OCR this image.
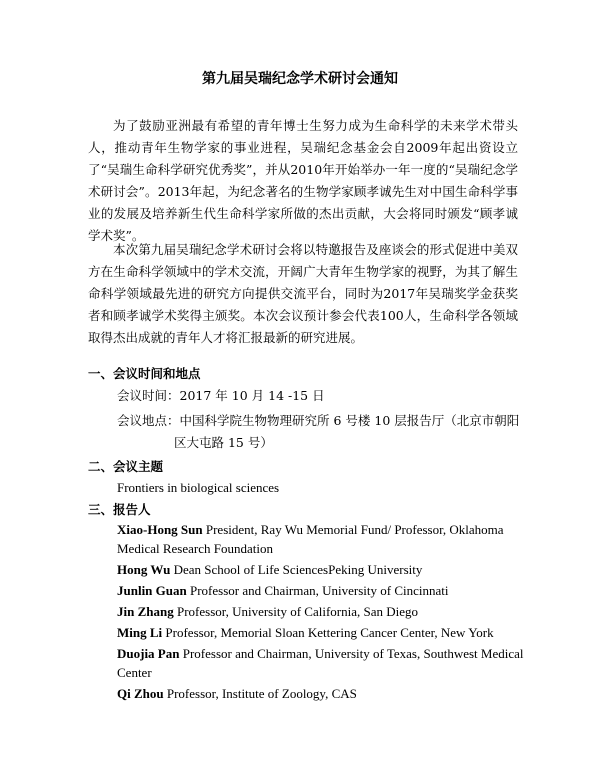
第九届吴瑞纪念学术研讨会通知

为了鼓励亚洲最有希望的青年博士生努力成为生命科学的未来学术带头人，推动青年生物学家的事业进程，吴瑞纪念基金会自2009年起出资设立了“吴瑞生命科学研究优秀奖”，并从2010年开始举办一年一度的“吴瑞纪念学术研讨会”。2013年起，为纪念著名的生物学家顾孝诚先生对中国生命科学事业的发展及培养新生代生命科学家所做的杰出贡献，大会将同时颁发“顾孝诚学术奖”。

本次第九届吴瑞纪念学术研讨会将以特邀报告及座谈会的形式促进中美双方在生命科学领域中的学术交流，开阔广大青年生物学家的视野，为其了解生命科学领域最先进的研究方向提供交流平台，同时为2017年吴瑞奖学金获奖者和顾孝诚学术奖得主颁奖。本次会议预计参会代表100人，生命科学各领域取得杰出成就的青年人才将汇报最新的研究进展。

一、会议时间和地点
会议时间：2017 年 10 月 14 -15 日
会议地点： 中国科学院生物物理研究所 6 号楼 10 层报告厅（北京市朝阳区大屯路 15 号）
二、会议主题
Frontiers in biological sciences
三、报告人
Xiao-Hong Sun President, Ray Wu Memorial Fund/ Professor, Oklahoma Medical Research Foundation
Hong Wu Dean School of Life SciencesPeking University
Junlin Guan Professor and Chairman, University of Cincinnati
Jin Zhang Professor, University of California, San Diego
Ming Li Professor, Memorial Sloan Kettering Cancer Center, New York
Duojia Pan Professor and Chairman, University of Texas, Southwest Medical Center
Qi Zhou Professor, Institute of Zoology, CAS
